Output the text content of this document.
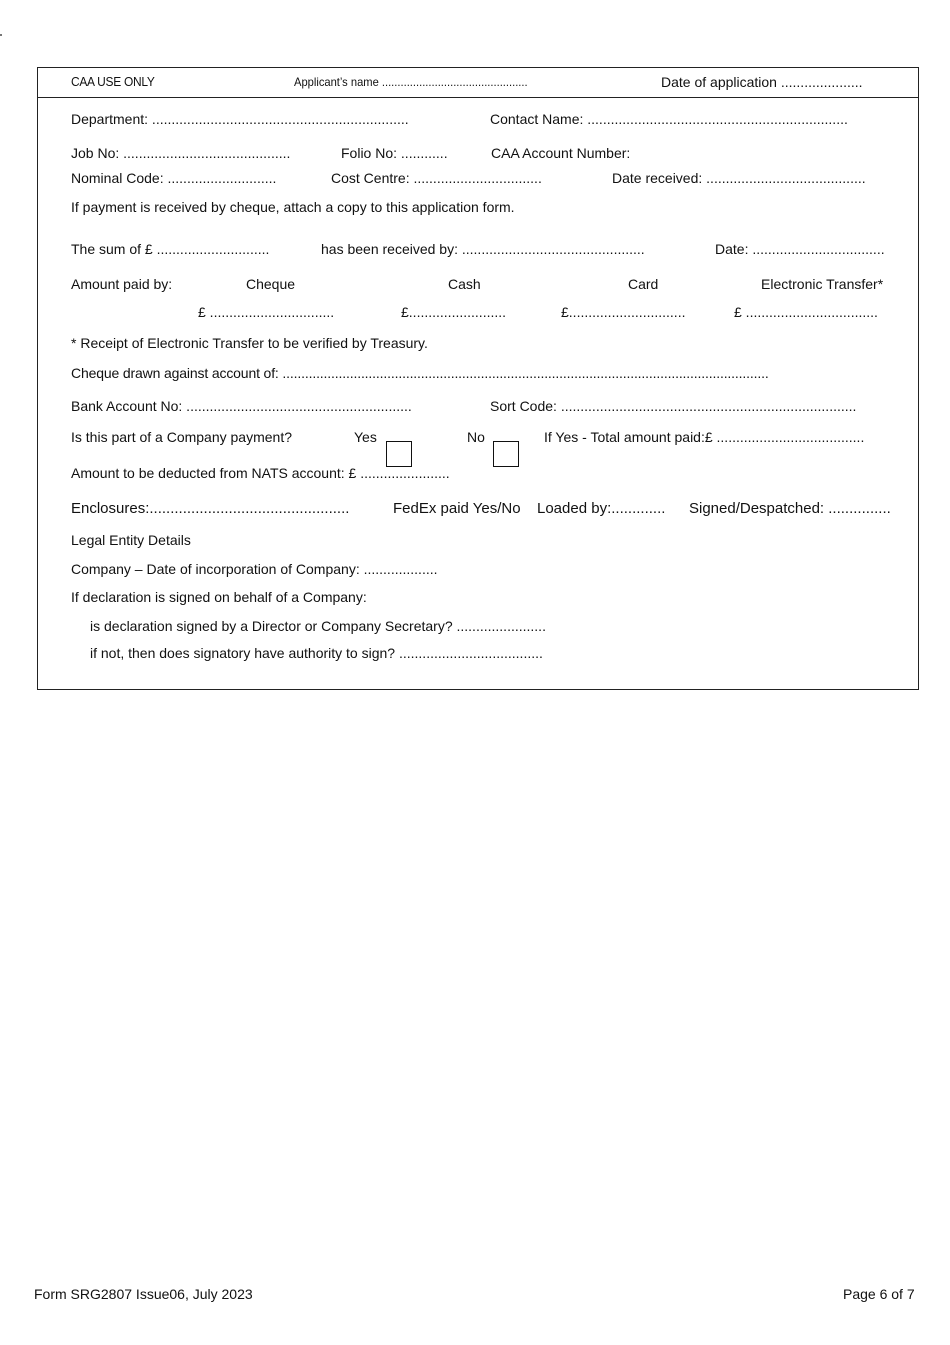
CAA USE ONLY	Applicant’s name ...............................................	Date of application .....................
Department: ..................................................................	Contact Name: ...................................................................
Job No: ...........................................	Folio No: ............	CAA Account Number:
Nominal Code: ............................	Cost Centre: .................................	Date received: .........................................
If payment is received by cheque, attach a copy to this application form.
The sum of £ .............................	has been received by: ...............................................	Date: ..................................
Amount paid by:	Cheque	Cash	Card	Electronic Transfer*
£ ................................	£.........................	£..............................	£ ..................................
* Receipt of Electronic Transfer to be verified by Treasury.
Cheque drawn against account of: ..................................................................................................................................
Bank Account No: ..........................................................	Sort Code: ............................................................................
Is this part of a Company payment?	Yes	No	If Yes - Total amount paid:£ ......................................
Amount to be deducted from NATS account: £ .......................
Enclosures:................................................	FedEx paid Yes/No Loaded by:............. Signed/Despatched: ...............
Legal Entity Details
Company – Date of incorporation of Company: ...................
If declaration is signed on behalf of a Company:
is declaration signed by a Director or Company Secretary? .......................
if not, then does signatory have authority to sign? .....................................
Form SRG2807 Issue06, July 2023	Page 6 of 7
